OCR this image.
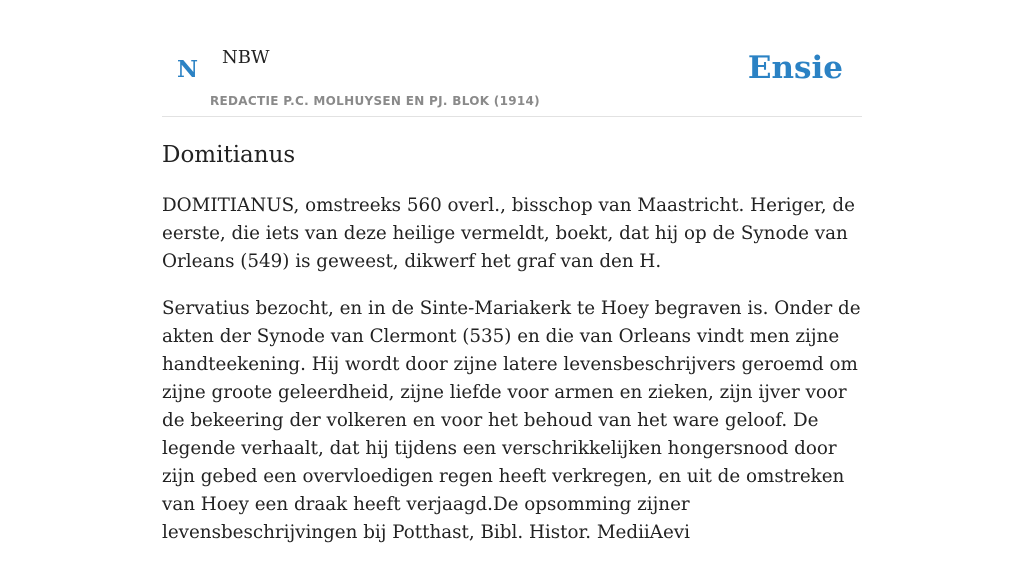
N NBW
REDACTIE P.C. MOLHUYSEN EN PJ. BLOK (1914)
Ensie
Domitianus

DOMITIANUS, omstreeks 560 overl., bisschop van Maastricht. Heriger, de eerste, die iets van deze heilige vermeldt, boekt, dat hij op de Synode van Orleans (549) is geweest, dikwerf het graf van den H.

Servatius bezocht, en in de Sinte-Mariakerk te Hoey begraven is. Onder de akten der Synode van Clermont (535) en die van Orleans vindt men zijne handteekening. Hij wordt door zijne latere levensbeschrijvers geroemd om zijne groote geleerdheid, zijne liefde voor armen en zieken, zijn ijver voor de bekeering der volkeren en voor het behoud van het ware geloof. De legende verhaalt, dat hij tijdens een verschrikkelijken hongersnood door zijn gebed een overvloedigen regen heeft verkregen, en uit de omstreken van Hoey een draak heeft verjaagd.De opsomming zijner levensbeschrijvingen bij Potthast, Bibl. Histor. MediiAevi
